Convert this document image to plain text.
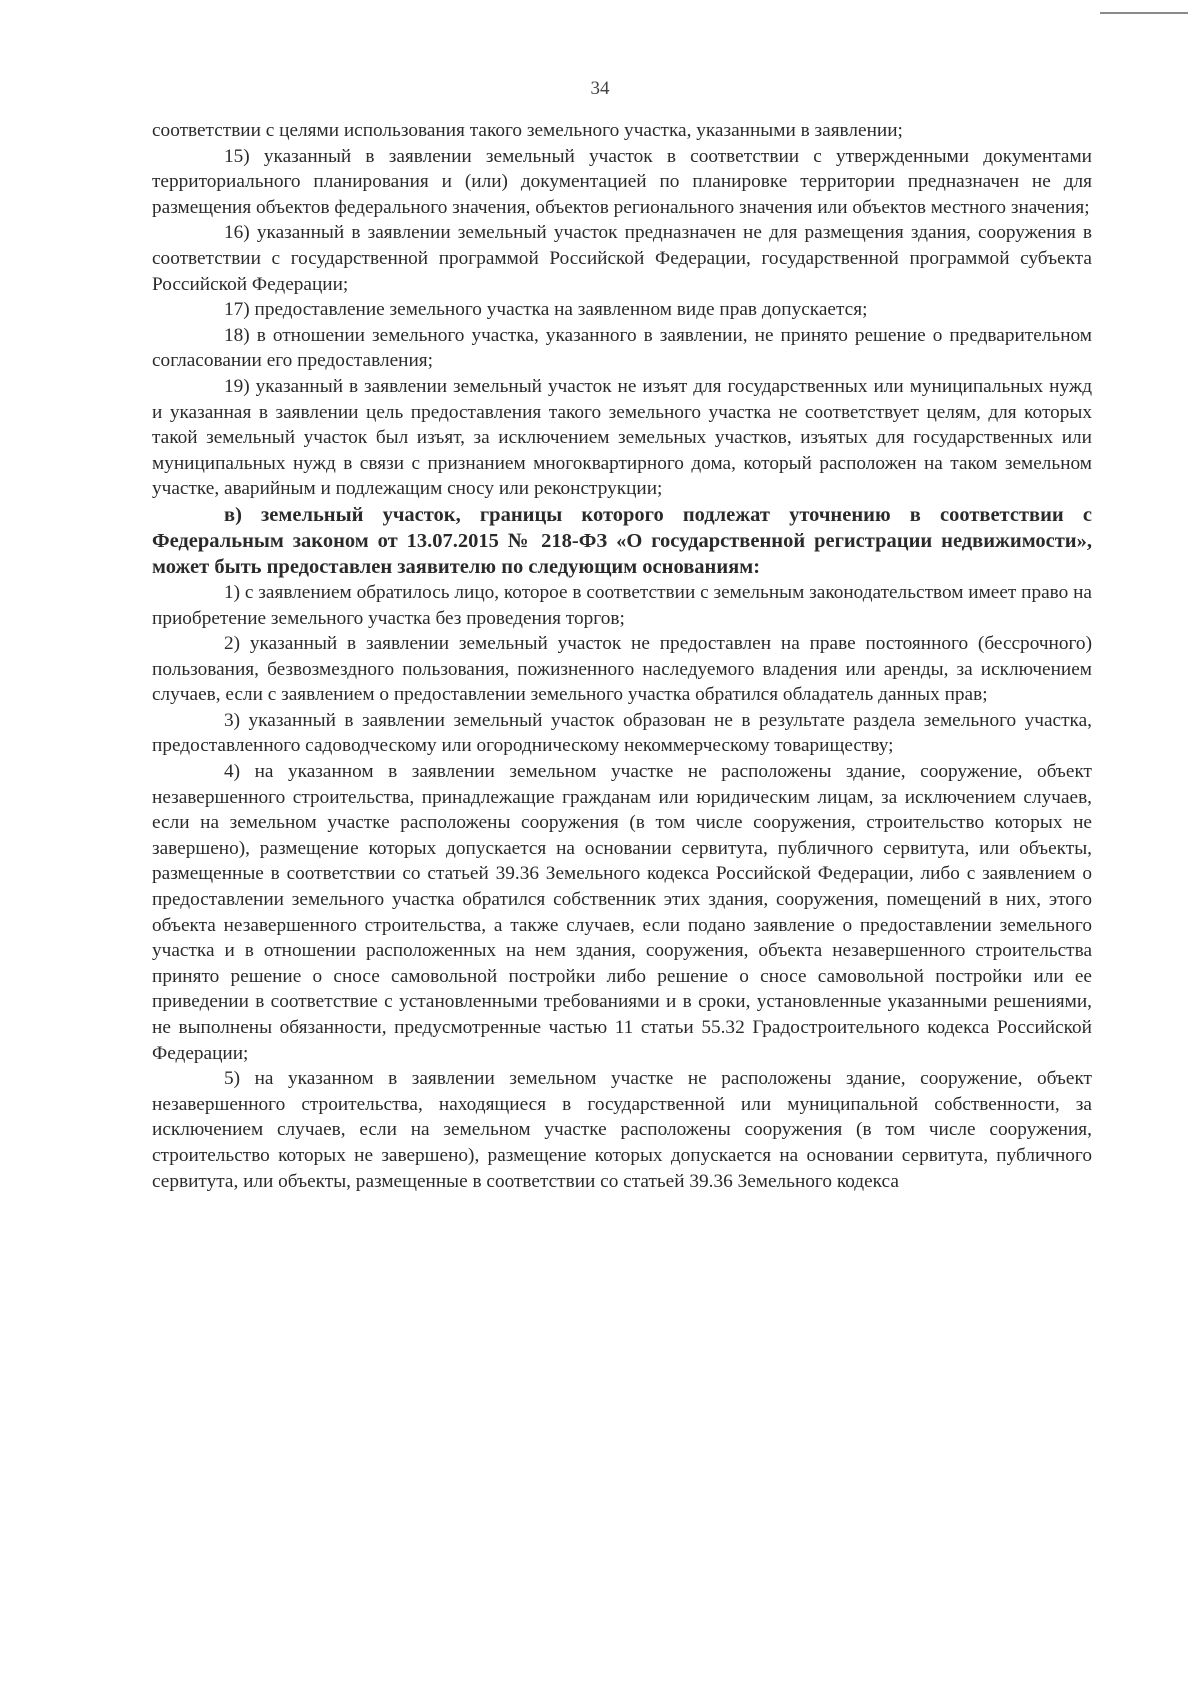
34

соответствии с целями использования такого земельного участка, указанными в заявлении;

15) указанный в заявлении земельный участок в соответствии с утвержденными документами территориального планирования и (или) документацией по планировке территории предназначен не для размещения объектов федерального значения, объектов регионального значения или объектов местного значения;

16) указанный в заявлении земельный участок предназначен не для размещения здания, сооружения в соответствии с государственной программой Российской Федерации, государственной программой субъекта Российской Федерации;

17) предоставление земельного участка на заявленном виде прав допускается;

18) в отношении земельного участка, указанного в заявлении, не принято решение о предварительном согласовании его предоставления;

19) указанный в заявлении земельный участок не изъят для государственных или муниципальных нужд и указанная в заявлении цель предоставления такого земельного участка не соответствует целям, для которых такой земельный участок был изъят, за исключением земельных участков, изъятых для государственных или муниципальных нужд в связи с признанием многоквартирного дома, который расположен на таком земельном участке, аварийным и подлежащим сносу или реконструкции;

в) земельный участок, границы которого подлежат уточнению в соответствии с Федеральным законом от 13.07.2015 № 218-ФЗ «О государственной регистрации недвижимости», может быть предоставлен заявителю по следующим основаниям:

1) с заявлением обратилось лицо, которое в соответствии с земельным законодательством имеет право на приобретение земельного участка без проведения торгов;

2) указанный в заявлении земельный участок не предоставлен на праве постоянного (бессрочного) пользования, безвозмездного пользования, пожизненного наследуемого владения или аренды, за исключением случаев, если с заявлением о предоставлении земельного участка обратился обладатель данных прав;

3) указанный в заявлении земельный участок образован не в результате раздела земельного участка, предоставленного садоводческому или огородническому некоммерческому товариществу;

4) на указанном в заявлении земельном участке не расположены здание, сооружение, объект незавершенного строительства, принадлежащие гражданам или юридическим лицам, за исключением случаев, если на земельном участке расположены сооружения (в том числе сооружения, строительство которых не завершено), размещение которых допускается на основании сервитута, публичного сервитута, или объекты, размещенные в соответствии со статьей 39.36 Земельного кодекса Российской Федерации, либо с заявлением о предоставлении земельного участка обратился собственник этих здания, сооружения, помещений в них, этого объекта незавершенного строительства, а также случаев, если подано заявление о предоставлении земельного участка и в отношении расположенных на нем здания, сооружения, объекта незавершенного строительства принято решение о сносе самовольной постройки либо решение о сносе самовольной постройки или ее приведении в соответствие с установленными требованиями и в сроки, установленные указанными решениями, не выполнены обязанности, предусмотренные частью 11 статьи 55.32 Градостроительного кодекса Российской Федерации;

5) на указанном в заявлении земельном участке не расположены здание, сооружение, объект незавершенного строительства, находящиеся в государственной или муниципальной собственности, за исключением случаев, если на земельном участке расположены сооружения (в том числе сооружения, строительство которых не завершено), размещение которых допускается на основании сервитута, публичного сервитута, или объекты, размещенные в соответствии со статьей 39.36 Земельного кодекса
